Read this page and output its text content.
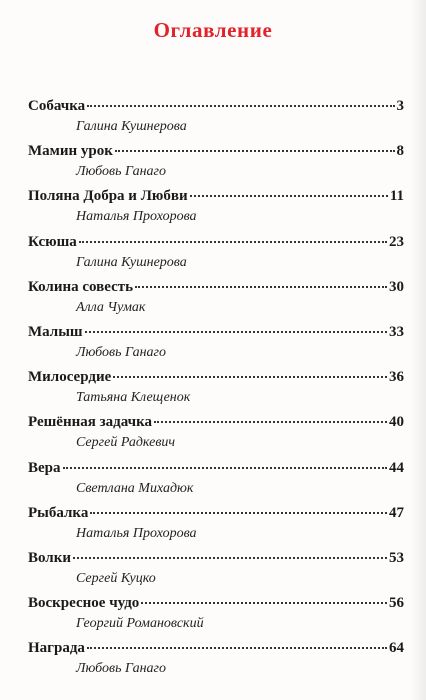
Оглавление
Собачка	3
Галина Кушнерова
Мамин урок	8
Любовь Ганаго
Поляна Добра и Любви	11
Наталья Прохорова
Ксюша	23
Галина Кушнерова
Колина совесть	30
Алла Чумак
Малыш	33
Любовь Ганаго
Милосердие	36
Татьяна Клещенок
Решённая задачка	40
Сергей Радкевич
Вера	44
Светлана Михадюк
Рыбалка	47
Наталья Прохорова
Волки	53
Сергей Куцко
Воскресное чудо	56
Георгий Романовский
Награда	64
Любовь Ганаго
